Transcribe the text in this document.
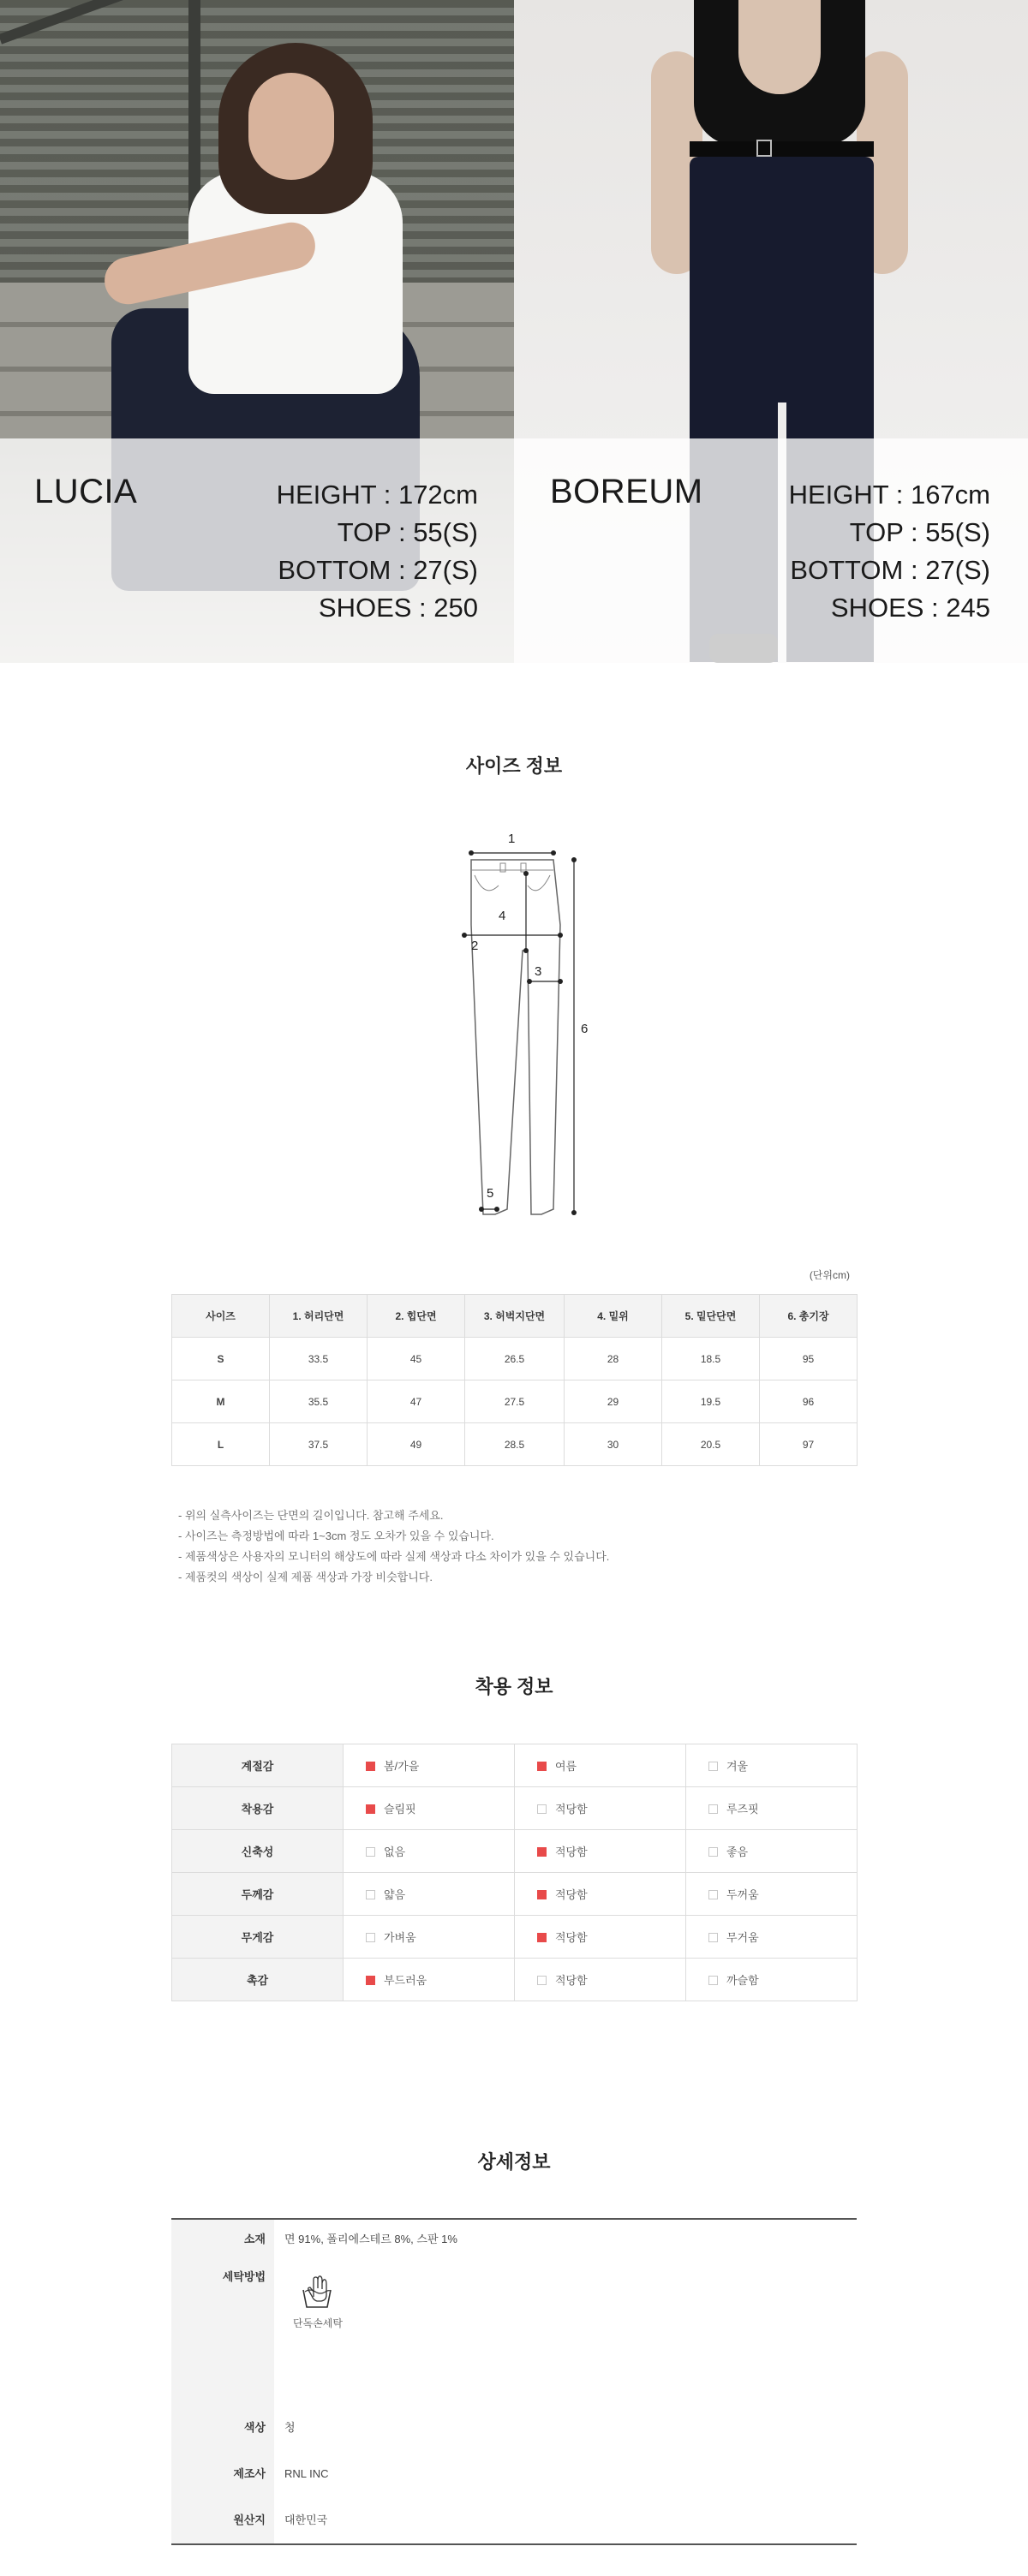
LUCIA	HEIGHT : 172cm
TOP : 55(S)
BOTTOM : 27(S)
SHOES : 250
BOREUM	HEIGHT : 167cm
TOP : 55(S)
BOTTOM : 27(S)
SHOES : 245
사이즈 정보
1
2
3
4
5
6
(단위cm)
사이즈	1. 허리단면	2. 힙단면	3. 허벅지단면	4. 밑위	5. 밑단단면	6. 총기장
S	33.5	45	26.5	28	18.5	95
M	35.5	47	27.5	29	19.5	96
L	37.5	49	28.5	30	20.5	97
- 위의 실측사이즈는 단면의 길이입니다. 참고해 주세요.
- 사이즈는 측정방법에 따라 1~3cm 정도 오차가 있을 수 있습니다.
- 제품색상은 사용자의 모니터의 해상도에 따라 실제 색상과 다소 차이가 있을 수 있습니다.
- 제품컷의 색상이 실제 제품 색상과 가장 비슷합니다.
착용 정보
계절감	봄/가을	여름	겨울
착용감	슬림핏	적당함	루즈핏
신축성	없음	적당함	좋음
두께감	얇음	적당함	두꺼움
무게감	가벼움	적당함	무거움
촉감	부드러움	적당함	까슬함
상세정보
소재	면 91%, 폴리에스테르 8%, 스판 1%
세탁방법	단독손세탁

색상	청
제조사	RNL INC
원산지	대한민국
